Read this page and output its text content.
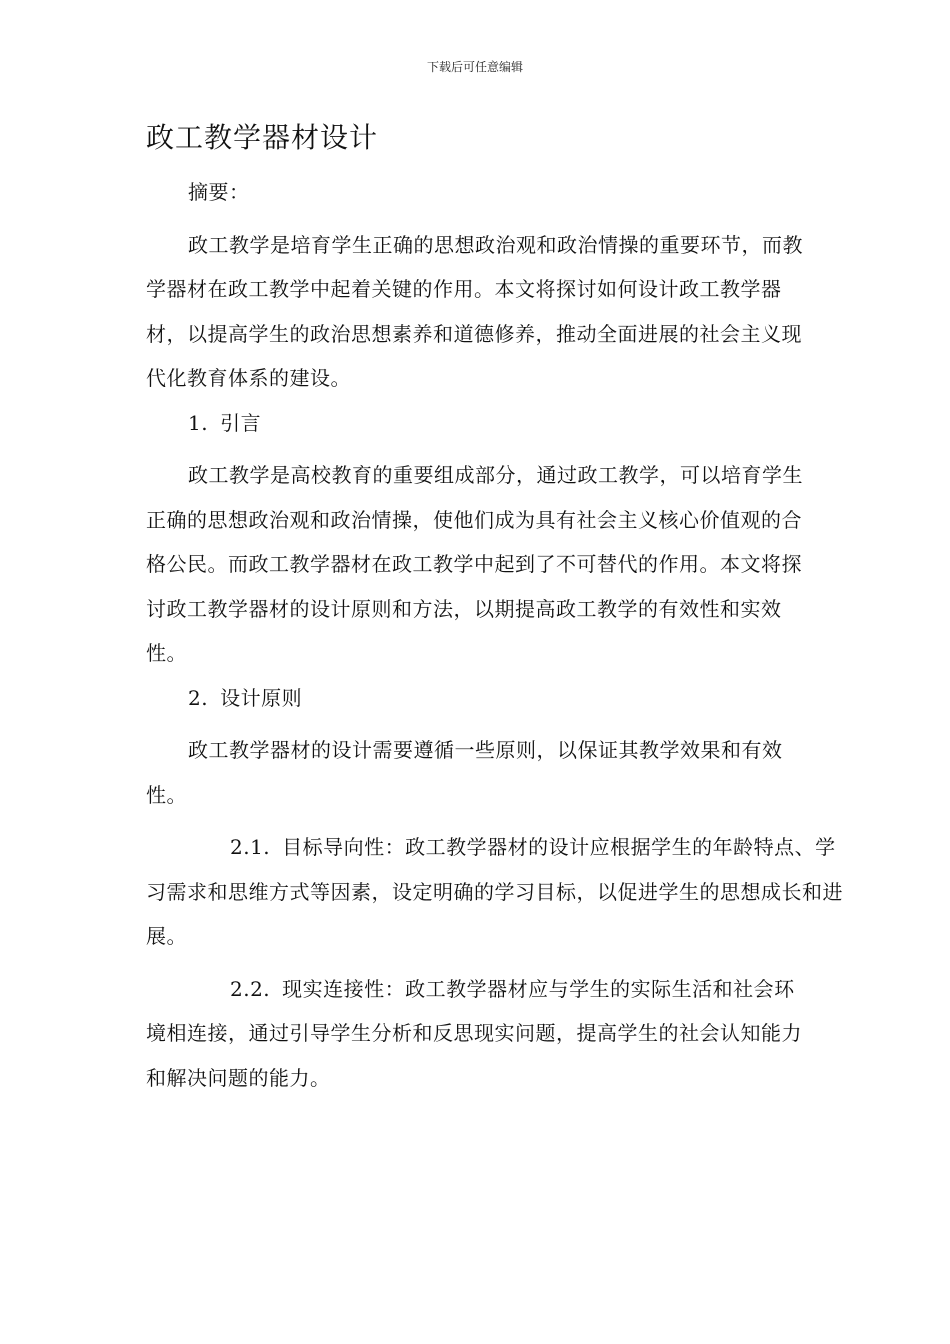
下载后可任意编辑
政工教学器材设计

摘要：

政工教学是培育学生正确的思想政治观和政治情操的重要环节，而教学器材在政工教学中起着关键的作用。本文将探讨如何设计政工教学器材，以提高学生的政治思想素养和道德修养，推动全面进展的社会主义现代化教育体系的建设。

1. 引言

政工教学是高校教育的重要组成部分，通过政工教学，可以培育学生正确的思想政治观和政治情操，使他们成为具有社会主义核心价值观的合格公民。而政工教学器材在政工教学中起到了不可替代的作用。本文将探讨政工教学器材的设计原则和方法，以期提高政工教学的有效性和实效性。

2. 设计原则

政工教学器材的设计需要遵循一些原则，以保证其教学效果和有效性。

2.1. 目标导向性：政工教学器材的设计应根据学生的年龄特点、学习需求和思维方式等因素，设定明确的学习目标，以促进学生的思想成长和进展。

2.2. 现实连接性：政工教学器材应与学生的实际生活和社会环境相连接，通过引导学生分析和反思现实问题，提高学生的社会认知能力和解决问题的能力。
